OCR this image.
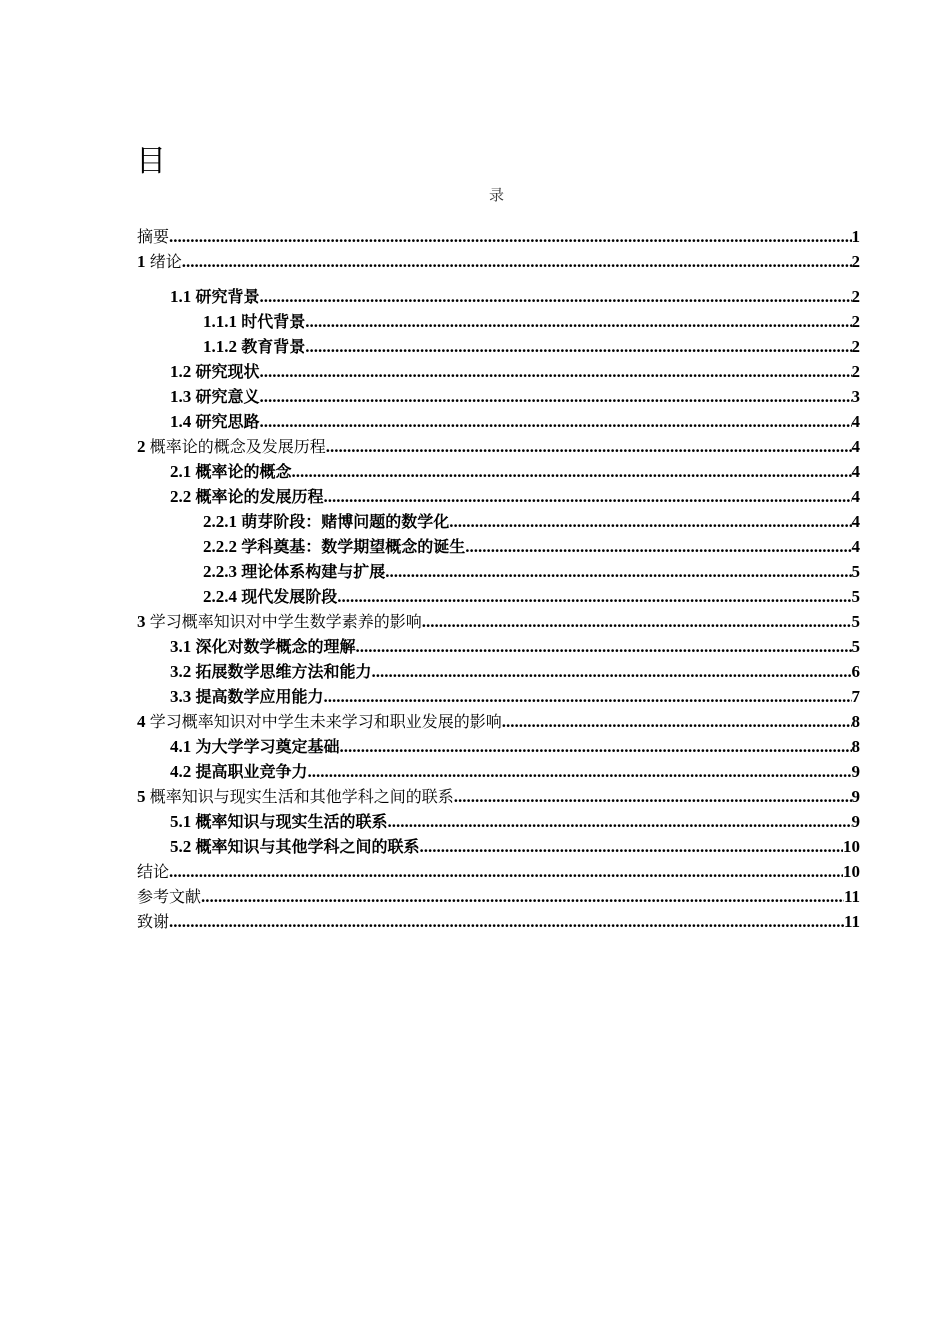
目
录
摘要 .....	1
1 绪论 .....	2
1.1 研究背景 .....	2
1.1.1 时代背景 .....	2
1.1.2 教育背景 .....	2
1.2 研究现状 .....	2
1.3 研究意义 .....	3
1.4 研究思路 .....	4
2 概率论的概念及发展历程 .....	4
2.1 概率论的概念 .....	4
2.2 概率论的发展历程 .....	4
2.2.1 萌芽阶段：赌博问题的数学化 .....	4
2.2.2 学科奠基：数学期望概念的诞生 .....	4
2.2.3 理论体系构建与扩展 .....	5
2.2.4 现代发展阶段 .....	5
3 学习概率知识对中学生数学素养的影响 .....	5
3.1 深化对数学概念的理解 .....	5
3.2 拓展数学思维方法和能力 .....	6
3.3 提高数学应用能力 .....	7
4 学习概率知识对中学生未来学习和职业发展的影响 .....	8
4.1 为大学学习奠定基础 .....	8
4.2 提高职业竞争力 .....	9
5 概率知识与现实生活和其他学科之间的联系 .....	9
5.1 概率知识与现实生活的联系 .....	9
5.2 概率知识与其他学科之间的联系 .....	10
结论 .....	10
参考文献 .....	11
致谢 .....	11
